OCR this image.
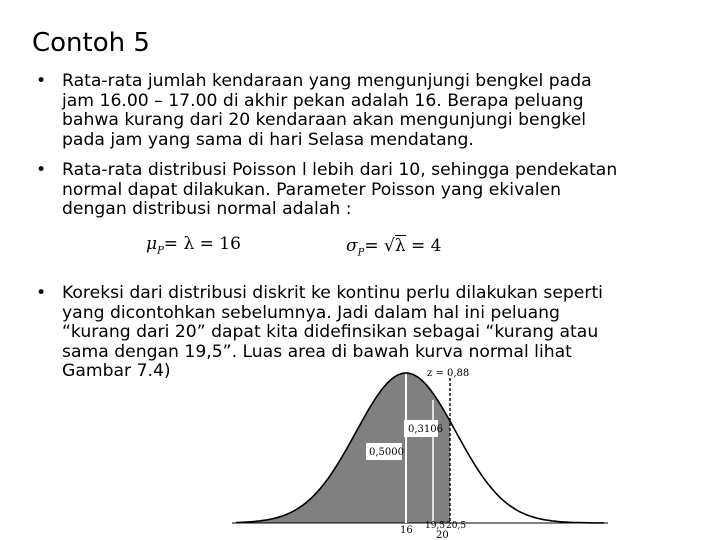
Contoh 5
• Rata-rata jumlah kendaraan yang mengunjungi bengkel pada
jam 16.00 – 17.00 di akhir pekan adalah 16. Berapa peluang
bahwa kurang dari 20 kendaraan akan mengunjungi bengkel
pada jam yang sama di hari Selasa mendatang.
• Rata-rata distribusi Poisson l lebih dari 10, sehingga pendekatan
normal dapat dilakukan. Parameter Poisson yang ekivalen
dengan distribusi normal adalah :
$\mu_P= \lambda = 16$	$\sigma_P= √\lambda = 4$
0,3106
0,5000
z = 0,88
16 19,5 20,5
20
• Koreksi dari distribusi diskrit ke kontinu perlu dilakukan seperti
yang dicontohkan sebelumnya. Jadi dalam hal ini peluang
“kurang dari 20” dapat kita didefinsikan sebagai “kurang atau
sama dengan 19,5”. Luas area di bawah kurva normal lihat
Gambar 7.4)
